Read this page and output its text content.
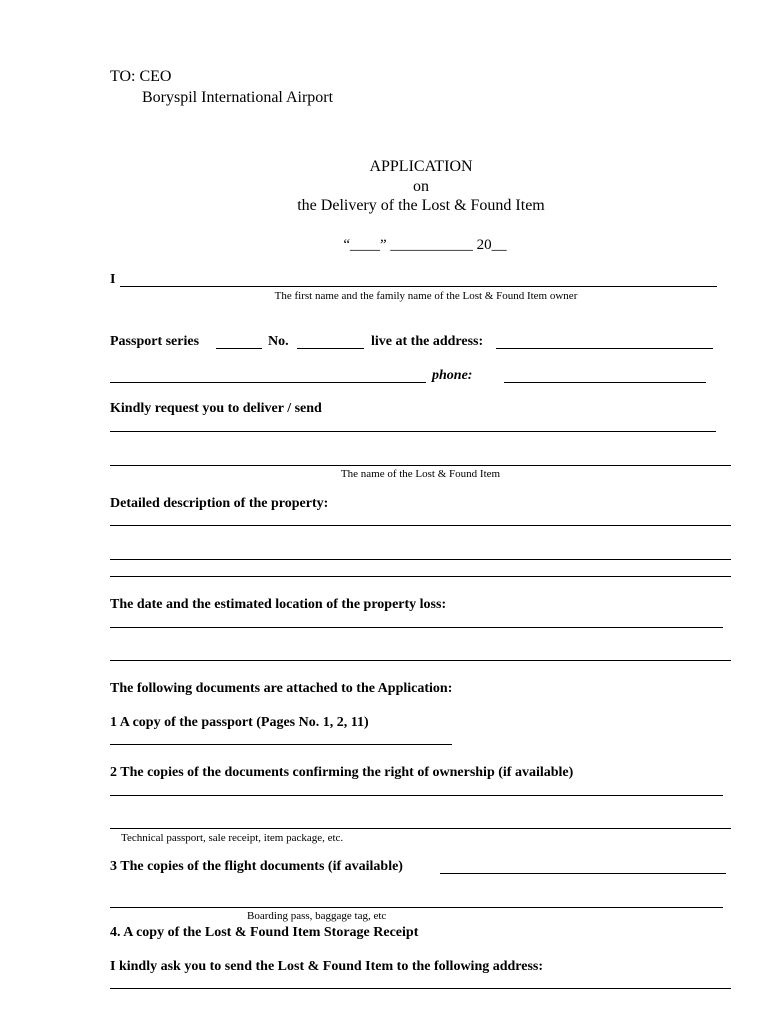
TO: CEO
Boryspil International Airport
APPLICATION
on
the Delivery of the Lost & Found Item
“____” ___________ 20__
I
The first name and the family name of the Lost & Found Item owner
Passport series	No.	live at the address:
phone:
Kindly request you to deliver / send
The name of the Lost & Found Item
Detailed description of the property:
The date and the estimated location of the property loss:
The following documents are attached to the Application:
1 A copy of the passport (Pages No. 1, 2, 11)
2 The copies of the documents confirming the right of ownership (if available)
Technical passport, sale receipt, item package, etc.
3 The copies of the flight documents (if available)
Boarding pass, baggage tag, etc
4. A copy of the Lost & Found Item Storage Receipt
I kindly ask you to send the Lost & Found Item to the following address:
